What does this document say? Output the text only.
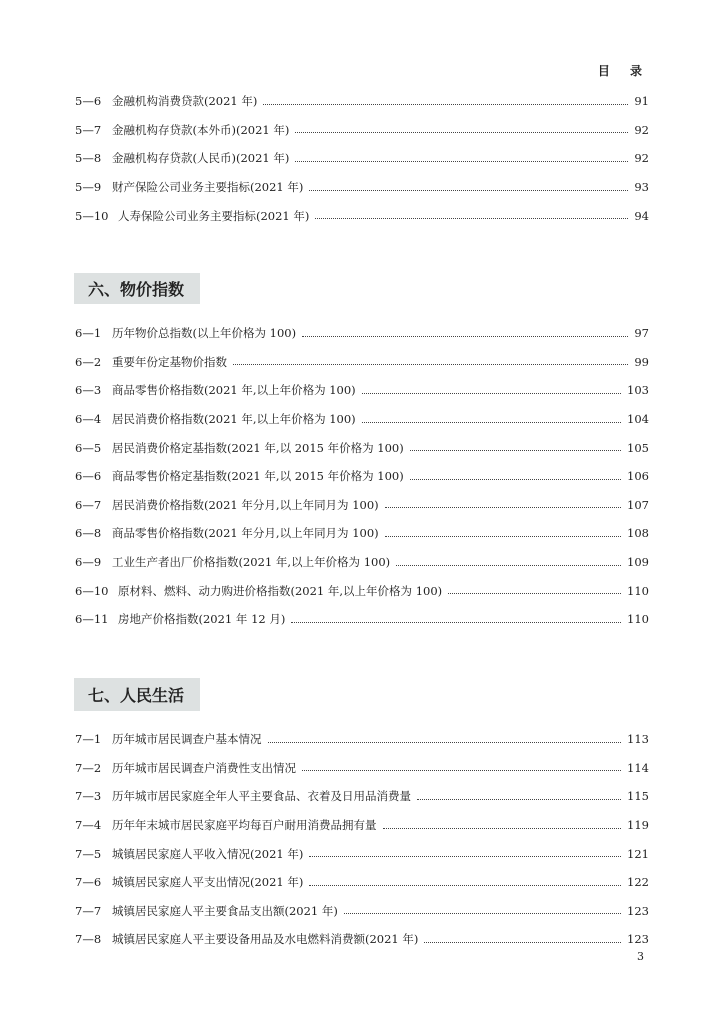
目 录
5—6 金融机构消费贷款(2021 年)	91
5—7 金融机构存贷款(本外币)(2021 年)	92
5—8 金融机构存贷款(人民币)(2021 年)	92
5—9 财产保险公司业务主要指标(2021 年)	93
5—10 人寿保险公司业务主要指标(2021 年)	94
六、物价指数
6—1 历年物价总指数(以上年价格为 100)	97
6—2 重要年份定基物价指数	99
6—3 商品零售价格指数(2021 年,以上年价格为 100)	103
6—4 居民消费价格指数(2021 年,以上年价格为 100)	104
6—5 居民消费价格定基指数(2021 年,以 2015 年价格为 100)	105
6—6 商品零售价格定基指数(2021 年,以 2015 年价格为 100)	106
6—7 居民消费价格指数(2021 年分月,以上年同月为 100)	107
6—8 商品零售价格指数(2021 年分月,以上年同月为 100)	108
6—9 工业生产者出厂价格指数(2021 年,以上年价格为 100)	109
6—10 原材料、燃料、动力购进价格指数(2021 年,以上年价格为 100)	110
6—11 房地产价格指数(2021 年 12 月)	110
七、人民生活
7—1 历年城市居民调查户基本情况	113
7—2 历年城市居民调查户消费性支出情况	114
7—3 历年城市居民家庭全年人平主要食品、衣着及日用品消费量	115
7—4 历年年末城市居民家庭平均每百户耐用消费品拥有量	119
7—5 城镇居民家庭人平收入情况(2021 年)	121
7—6 城镇居民家庭人平支出情况(2021 年)	122
7—7 城镇居民家庭人平主要食品支出额(2021 年)	123
7—8 城镇居民家庭人平主要设备用品及水电燃料消费额(2021 年)	123
3
